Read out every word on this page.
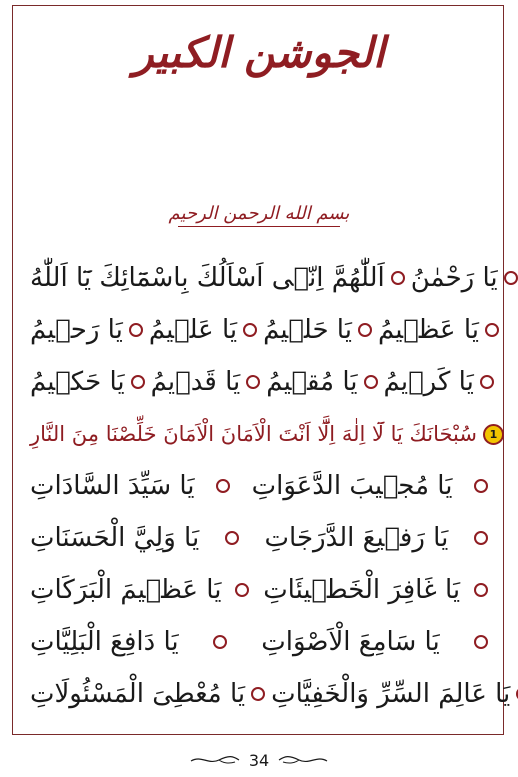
الجوشن الكبير
بسم الله الرحمن الرحيم
اَللّٰهُمَّ اِنّٖى اَسْاَلُكَ بِاسْمَٓائِكَ يَٓا اَللّٰهُ يَا رَحْمٰنُ
يَا رَحٖيمُ يَا عَلٖيمُ يَا حَلٖيمُ يَا عَظٖيمُ
يَا حَكٖيمُ يَا قَدٖيمُ يَا مُقٖيمُ يَا كَرٖيمُ
سُبْحَانَكَ يَا لَٓا اِلٰهَ اِلَّٓا اَنْتَ الْاَمَانَ الْاَمَانَ خَلِّصْنَا مِنَ النَّارِ	1
يَا سَيِّدَ السَّادَاتِ يَا مُجٖيبَ الدَّعَوَاتِ
يَا وَلِيَّ الْحَسَنَاتِ	يَا رَفٖيعَ الدَّرَجَاتِ
يَا عَظٖيمَ الْبَرَكَاتِ يَا غَافِرَ الْخَطٖيئَاتِ
يَا دَافِعَ الْبَلِيَّاتِ	يَا سَامِعَ الْاَصْوَاتِ
يَا مُعْطِىَ الْمَسْئُولَاتِ يَا عَالِمَ السِّرِّ وَالْخَفِيَّاتِ
34
